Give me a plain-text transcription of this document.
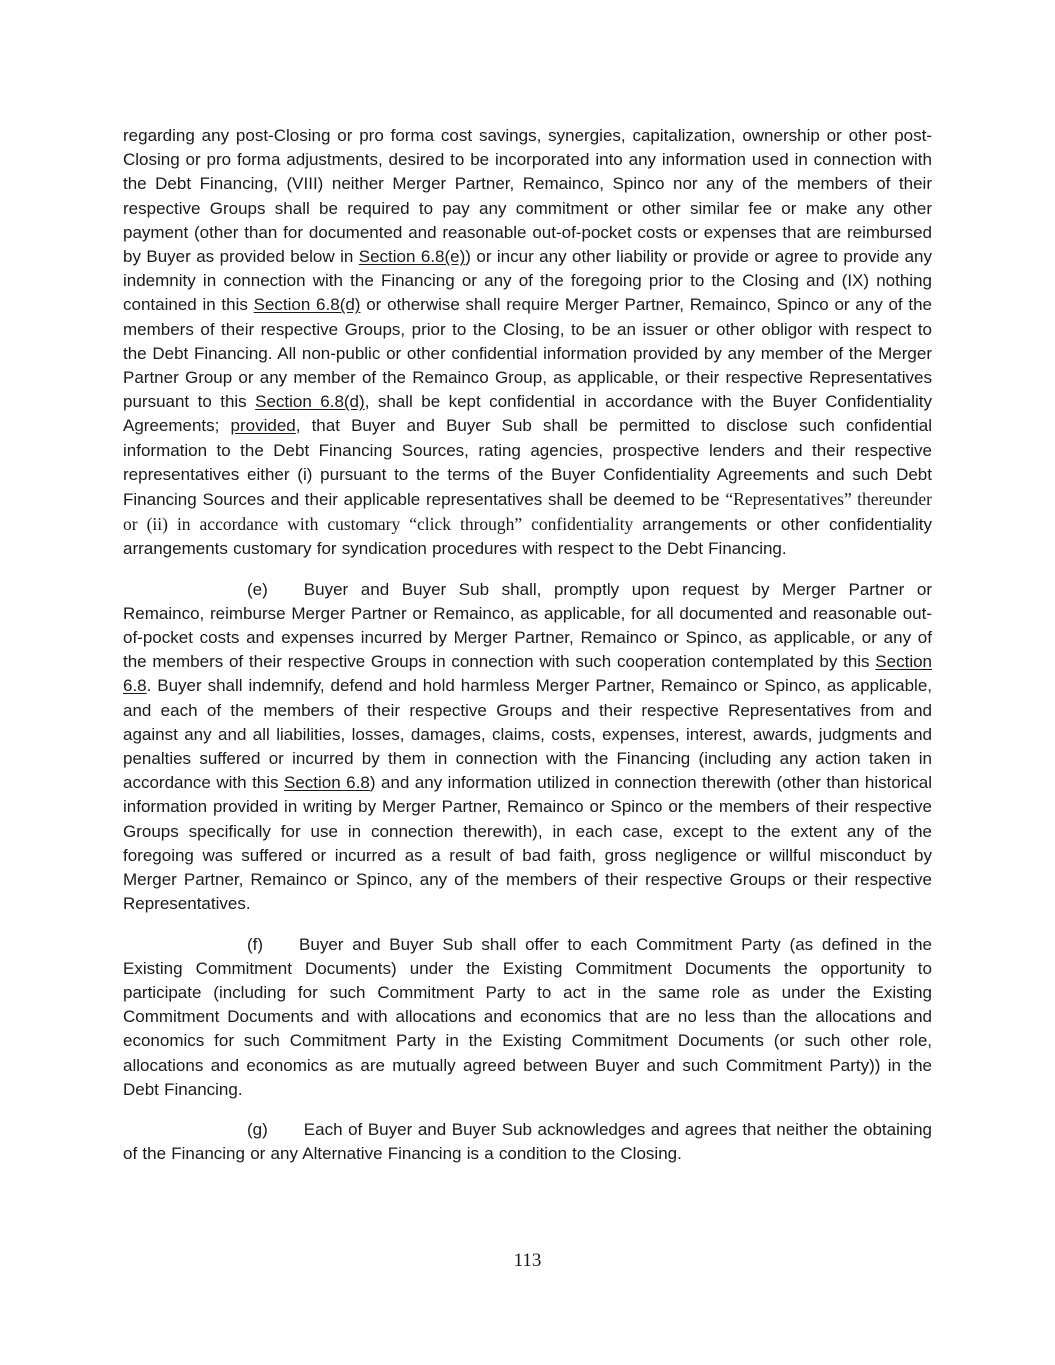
regarding any post-Closing or pro forma cost savings, synergies, capitalization, ownership or other post-Closing or pro forma adjustments, desired to be incorporated into any information used in connection with the Debt Financing, (VIII) neither Merger Partner, Remainco, Spinco nor any of the members of their respective Groups shall be required to pay any commitment or other similar fee or make any other payment (other than for documented and reasonable out-of-pocket costs or expenses that are reimbursed by Buyer as provided below in Section 6.8(e)) or incur any other liability or provide or agree to provide any indemnity in connection with the Financing or any of the foregoing prior to the Closing and (IX) nothing contained in this Section 6.8(d) or otherwise shall require Merger Partner, Remainco, Spinco or any of the members of their respective Groups, prior to the Closing, to be an issuer or other obligor with respect to the Debt Financing. All non-public or other confidential information provided by any member of the Merger Partner Group or any member of the Remainco Group, as applicable, or their respective Representatives pursuant to this Section 6.8(d), shall be kept confidential in accordance with the Buyer Confidentiality Agreements; provided, that Buyer and Buyer Sub shall be permitted to disclose such confidential information to the Debt Financing Sources, rating agencies, prospective lenders and their respective representatives either (i) pursuant to the terms of the Buyer Confidentiality Agreements and such Debt Financing Sources and their applicable representatives shall be deemed to be “Representatives” thereunder or (ii) in accordance with customary “click through” confidentiality arrangements or other confidentiality arrangements customary for syndication procedures with respect to the Debt Financing.

(e) Buyer and Buyer Sub shall, promptly upon request by Merger Partner or Remainco, reimburse Merger Partner or Remainco, as applicable, for all documented and reasonable out-of-pocket costs and expenses incurred by Merger Partner, Remainco or Spinco, as applicable, or any of the members of their respective Groups in connection with such cooperation contemplated by this Section 6.8. Buyer shall indemnify, defend and hold harmless Merger Partner, Remainco or Spinco, as applicable, and each of the members of their respective Groups and their respective Representatives from and against any and all liabilities, losses, damages, claims, costs, expenses, interest, awards, judgments and penalties suffered or incurred by them in connection with the Financing (including any action taken in accordance with this Section 6.8) and any information utilized in connection therewith (other than historical information provided in writing by Merger Partner, Remainco or Spinco or the members of their respective Groups specifically for use in connection therewith), in each case, except to the extent any of the foregoing was suffered or incurred as a result of bad faith, gross negligence or willful misconduct by Merger Partner, Remainco or Spinco, any of the members of their respective Groups or their respective Representatives.

(f) Buyer and Buyer Sub shall offer to each Commitment Party (as defined in the Existing Commitment Documents) under the Existing Commitment Documents the opportunity to participate (including for such Commitment Party to act in the same role as under the Existing Commitment Documents and with allocations and economics that are no less than the allocations and economics for such Commitment Party in the Existing Commitment Documents (or such other role, allocations and economics as are mutually agreed between Buyer and such Commitment Party)) in the Debt Financing.

(g) Each of Buyer and Buyer Sub acknowledges and agrees that neither the obtaining of the Financing or any Alternative Financing is a condition to the Closing.

113
